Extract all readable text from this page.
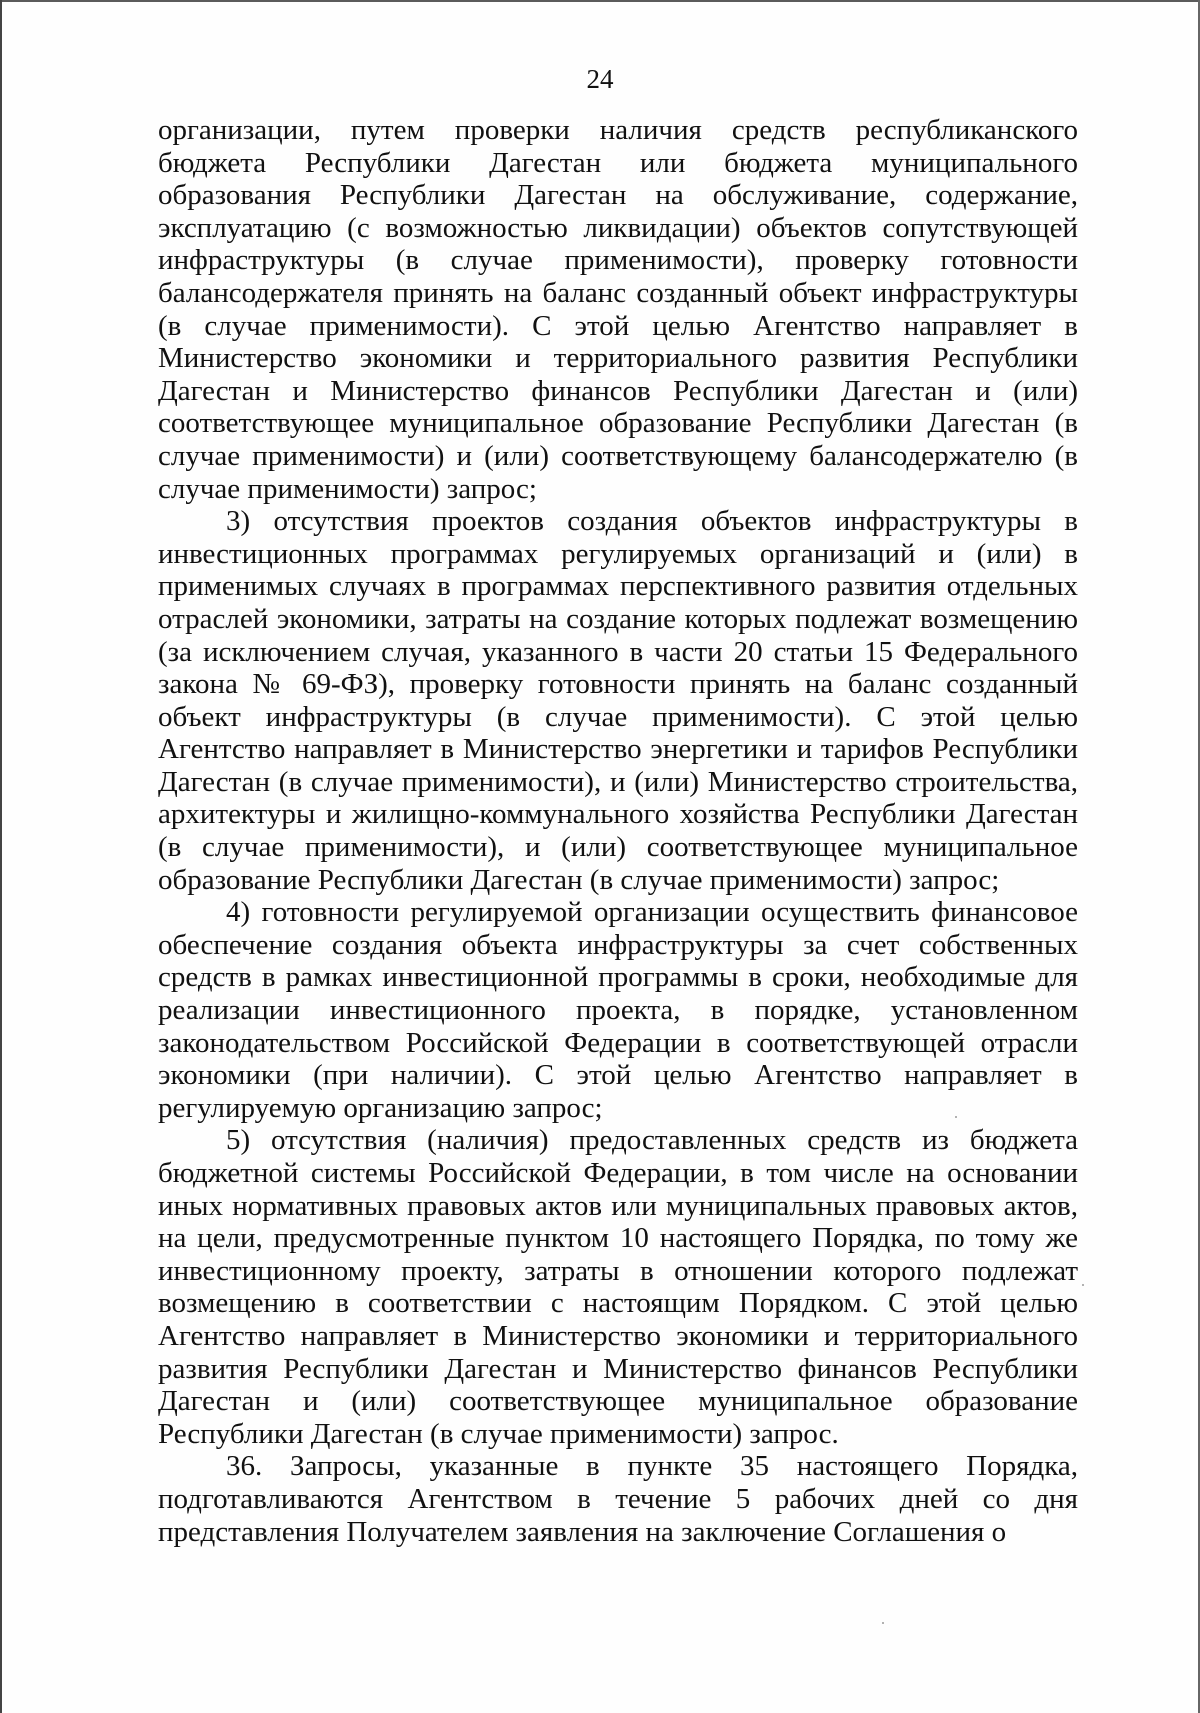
24

организации, путем проверки наличия средств республиканского бюджета Республики Дагестан или бюджета муниципального образования Республики Дагестан на обслуживание, содержание, эксплуатацию (с возможностью ликвидации) объектов сопутствующей инфраструктуры (в случае применимости), проверку готовности балансодержателя принять на баланс созданный объект инфраструктуры (в случае применимости). С этой целью Агентство направляет в Министерство экономики и территориального развития Республики Дагестан и Министерство финансов Республики Дагестан и (или) соответствующее муниципальное образование Республики Дагестан (в случае применимости) и (или) соответствующему балансодержателю (в случае применимости) запрос;

3) отсутствия проектов создания объектов инфраструктуры в инвестиционных программах регулируемых организаций и (или) в применимых случаях в программах перспективного развития отдельных отраслей экономики, затраты на создание которых подлежат возмещению (за исключением случая, указанного в части 20 статьи 15 Федерального закона № 69-ФЗ), проверку готовности принять на баланс созданный объект инфраструктуры (в случае применимости). С этой целью Агентство направляет в Министерство энергетики и тарифов Республики Дагестан (в случае применимости), и (или) Министерство строительства, архитектуры и жилищно-коммунального хозяйства Республики Дагестан (в случае применимости), и (или) соответствующее муниципальное образование Республики Дагестан (в случае применимости) запрос;

4) готовности регулируемой организации осуществить финансовое обеспечение создания объекта инфраструктуры за счет собственных средств в рамках инвестиционной программы в сроки, необходимые для реализации инвестиционного проекта, в порядке, установленном законодательством Российской Федерации в соответствующей отрасли экономики (при наличии). С этой целью Агентство направляет в регулируемую организацию запрос;

5) отсутствия (наличия) предоставленных средств из бюджета бюджетной системы Российской Федерации, в том числе на основании иных нормативных правовых актов или муниципальных правовых актов, на цели, предусмотренные пунктом 10 настоящего Порядка, по тому же инвестиционному проекту, затраты в отношении которого подлежат возмещению в соответствии с настоящим Порядком. С этой целью Агентство направляет в Министерство экономики и территориального развития Республики Дагестан и Министерство финансов Республики Дагестан и (или) соответствующее муниципальное образование Республики Дагестан (в случае применимости) запрос.

36. Запросы, указанные в пункте 35 настоящего Порядка, подготавливаются Агентством в течение 5 рабочих дней со дня представления Получателем заявления на заключение Соглашения о
